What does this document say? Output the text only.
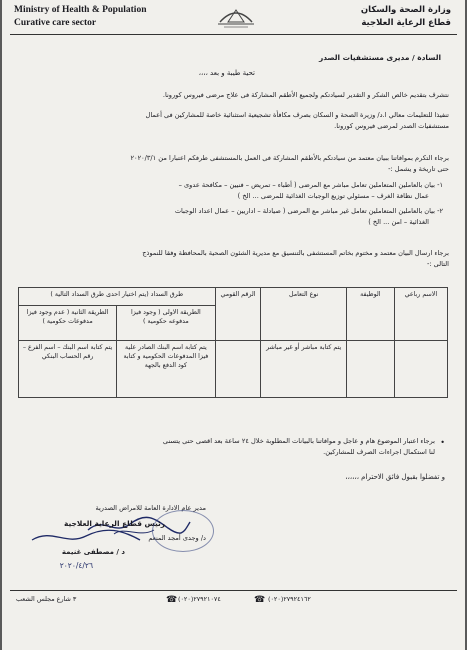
Ministry of Health & Population
Curative care sector
وزارة الصحة والسكان
قطاع الرعاية العلاجية
السادة / مديرى مستشفيات الصدر
تحية طيبة و بعد ،،،،
نتشرف بتقديم خالص الشكر و التقدير لسيادتكم ولجميع الأطقم المشاركة فى علاج مرضى فيروس كورونا.
تنفيذا للتعليمات معالي ا.د/ وزيرة الصحة و السكان بصرف مكافأة تشجيعية استثنائية خاصة للمشاركين فى أعمال
مستشفيات الصدر لمرضى فيروس كورونا.
برجاء التكرم بموافاتنا ببيان معتمد من سيادتكم بالأطقم المشاركة فى العمل بالمستشفى طرفكم اعتبارا من ٢٠٢٠/٣/١
حتى تاريخة و يشمل :-
١- بيان بالعاملين المتعاملين تعامل مباشر مع المرضى ( أطباء – تمريض – فنيين – مكافحة عدوى –
عمال نظافة الغرف – مسئولي توزيع الوجبات الغذائية للمرضى ... الخ )
٢- بيان بالعاملين المتعاملين تعامل غير مباشر مع المرضى ( صيادلة – اداريين – عمال اعداد الوجبات
الغذائية – امن ... الخ )
برجاء ارسال البيان معتمد و مختوم بخاتم المستشفى بالتنسيق مع مديرية الشئون الصحية بالمحافظة وفقا للنموذج
التالى :-
الاسم رباعي	الوظيفة	نوع التعامل	الرقم القومي	طرق السداد (يتم اختيار احدى طرق السداد التالية )	
				الطريقة الاولى ( وجود فيزا مدفوعه حكومية )	الطريقة الثانية ( عدم وجود فيزا مدفوعات حكومية )
		يتم كتابة مباشر أو غير مباشر		يتم كتابة اسم البنك الصادر علية فيزا المدفوعات الحكومية و كتابة كود الدفع بالجهة	يتم كتابة اسم البنك – اسم الفرع – رقم الحساب البنكي
•
برجاء اعتبار الموضوع هام و عاجل و موافاتنا بالبيانات المطلوبة خلال ٢٤ ساعة بعد اقصى حتى يتسنى
لنا استكمال اجراءات الصرف للمشاركين.
و تفضلوا بقبول فائق الاحترام ،،،،،،
مدير عام الادارة العامة للامراض الصدرية
د/ وجدى أمجد المنعم
رئيس قطاع الرعاية العلاجية
د / مصطفى غنيمة
٢٠٢٠/٤/٢٦
٣ شارع مجلس الشعب	☎ (٠٢٠)٢٧٩٢١٠٧٤	☎ (٠٢٠)٢٧٩٢٤١٦٢
